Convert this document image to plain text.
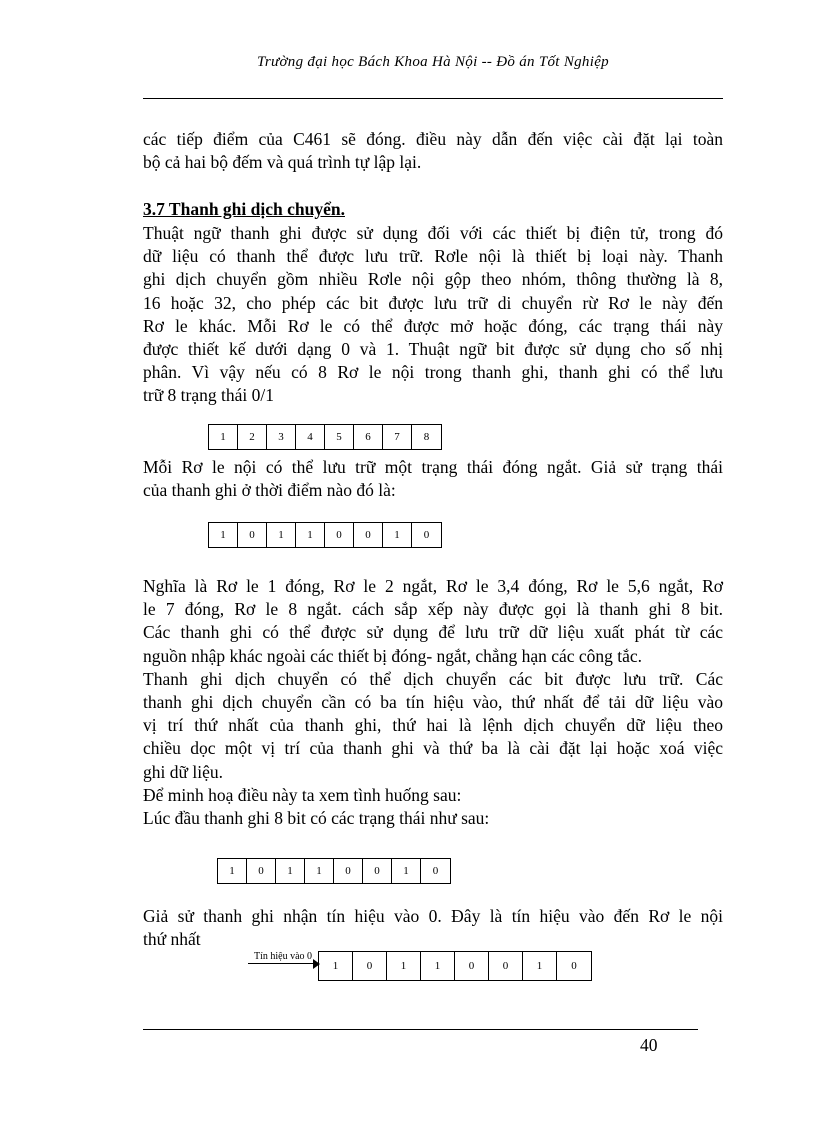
Trường đại học Bách Khoa Hà Nội -- Đồ án Tốt Nghiệp
các tiếp điểm của C461 sẽ đóng. điều này dẫn đến việc cài đặt lại toàn
bộ cả hai bộ đếm và quá trình tự lập lại.
3.7 Thanh ghi dịch chuyển.
Thuật ngữ thanh ghi được sử dụng đối với các thiết bị điện tử, trong đó
dữ liệu có thanh thể được lưu trữ. Rơle nội là thiết bị loại này. Thanh
ghi dịch chuyển gồm nhiều Rơle nội gộp theo nhóm, thông thường là 8,
16 hoặc 32, cho phép các bit được lưu trữ di chuyển rừ Rơ le này đến
Rơ le khác. Mỗi Rơ le có thể được mở hoặc đóng, các trạng thái này
được thiết kế dưới dạng 0 và 1. Thuật ngữ bit được sử dụng cho số nhị
phân. Vì vậy nếu có 8 Rơ le nội trong thanh ghi, thanh ghi có thể lưu
trữ 8 trạng thái 0/1
1	2	3	4	5	6	7	8
Mỗi Rơ le nội có thể lưu trữ một trạng thái đóng ngắt. Giả sử trạng thái
của thanh ghi ở thời điểm nào đó là:
1	0	1	1	0	0	1	0
Nghĩa là Rơ le 1 đóng, Rơ le 2 ngắt, Rơ le 3,4 đóng, Rơ le 5,6 ngắt, Rơ
le 7 đóng, Rơ le 8 ngắt. cách sắp xếp này được gọi là thanh ghi 8 bit.
Các thanh ghi có thể được sử dụng để lưu trữ dữ liệu xuất phát từ các
nguồn nhập khác ngoài các thiết bị đóng- ngắt, chẳng hạn các công tắc.
Thanh ghi dịch chuyển có thể dịch chuyển các bit được lưu trữ. Các
thanh ghi dịch chuyển cần có ba tín hiệu vào, thứ nhất để tải dữ liệu vào
vị trí thứ nhất của thanh ghi, thứ hai là lệnh dịch chuyển dữ liệu theo
chiều dọc một vị trí của thanh ghi và thứ ba là cài đặt lại hoặc xoá việc
ghi dữ liệu.
Để minh hoạ điều này ta xem tình huống sau:
Lúc đầu thanh ghi 8 bit có các trạng thái như sau:
1	0	1	1	0	0	1	0
Giả sử thanh ghi nhận tín hiệu vào 0. Đây là tín hiệu vào đến Rơ le nội
thứ nhất
Tín hiệu vào 0
1	0	1	1	0	0	1	0
40
